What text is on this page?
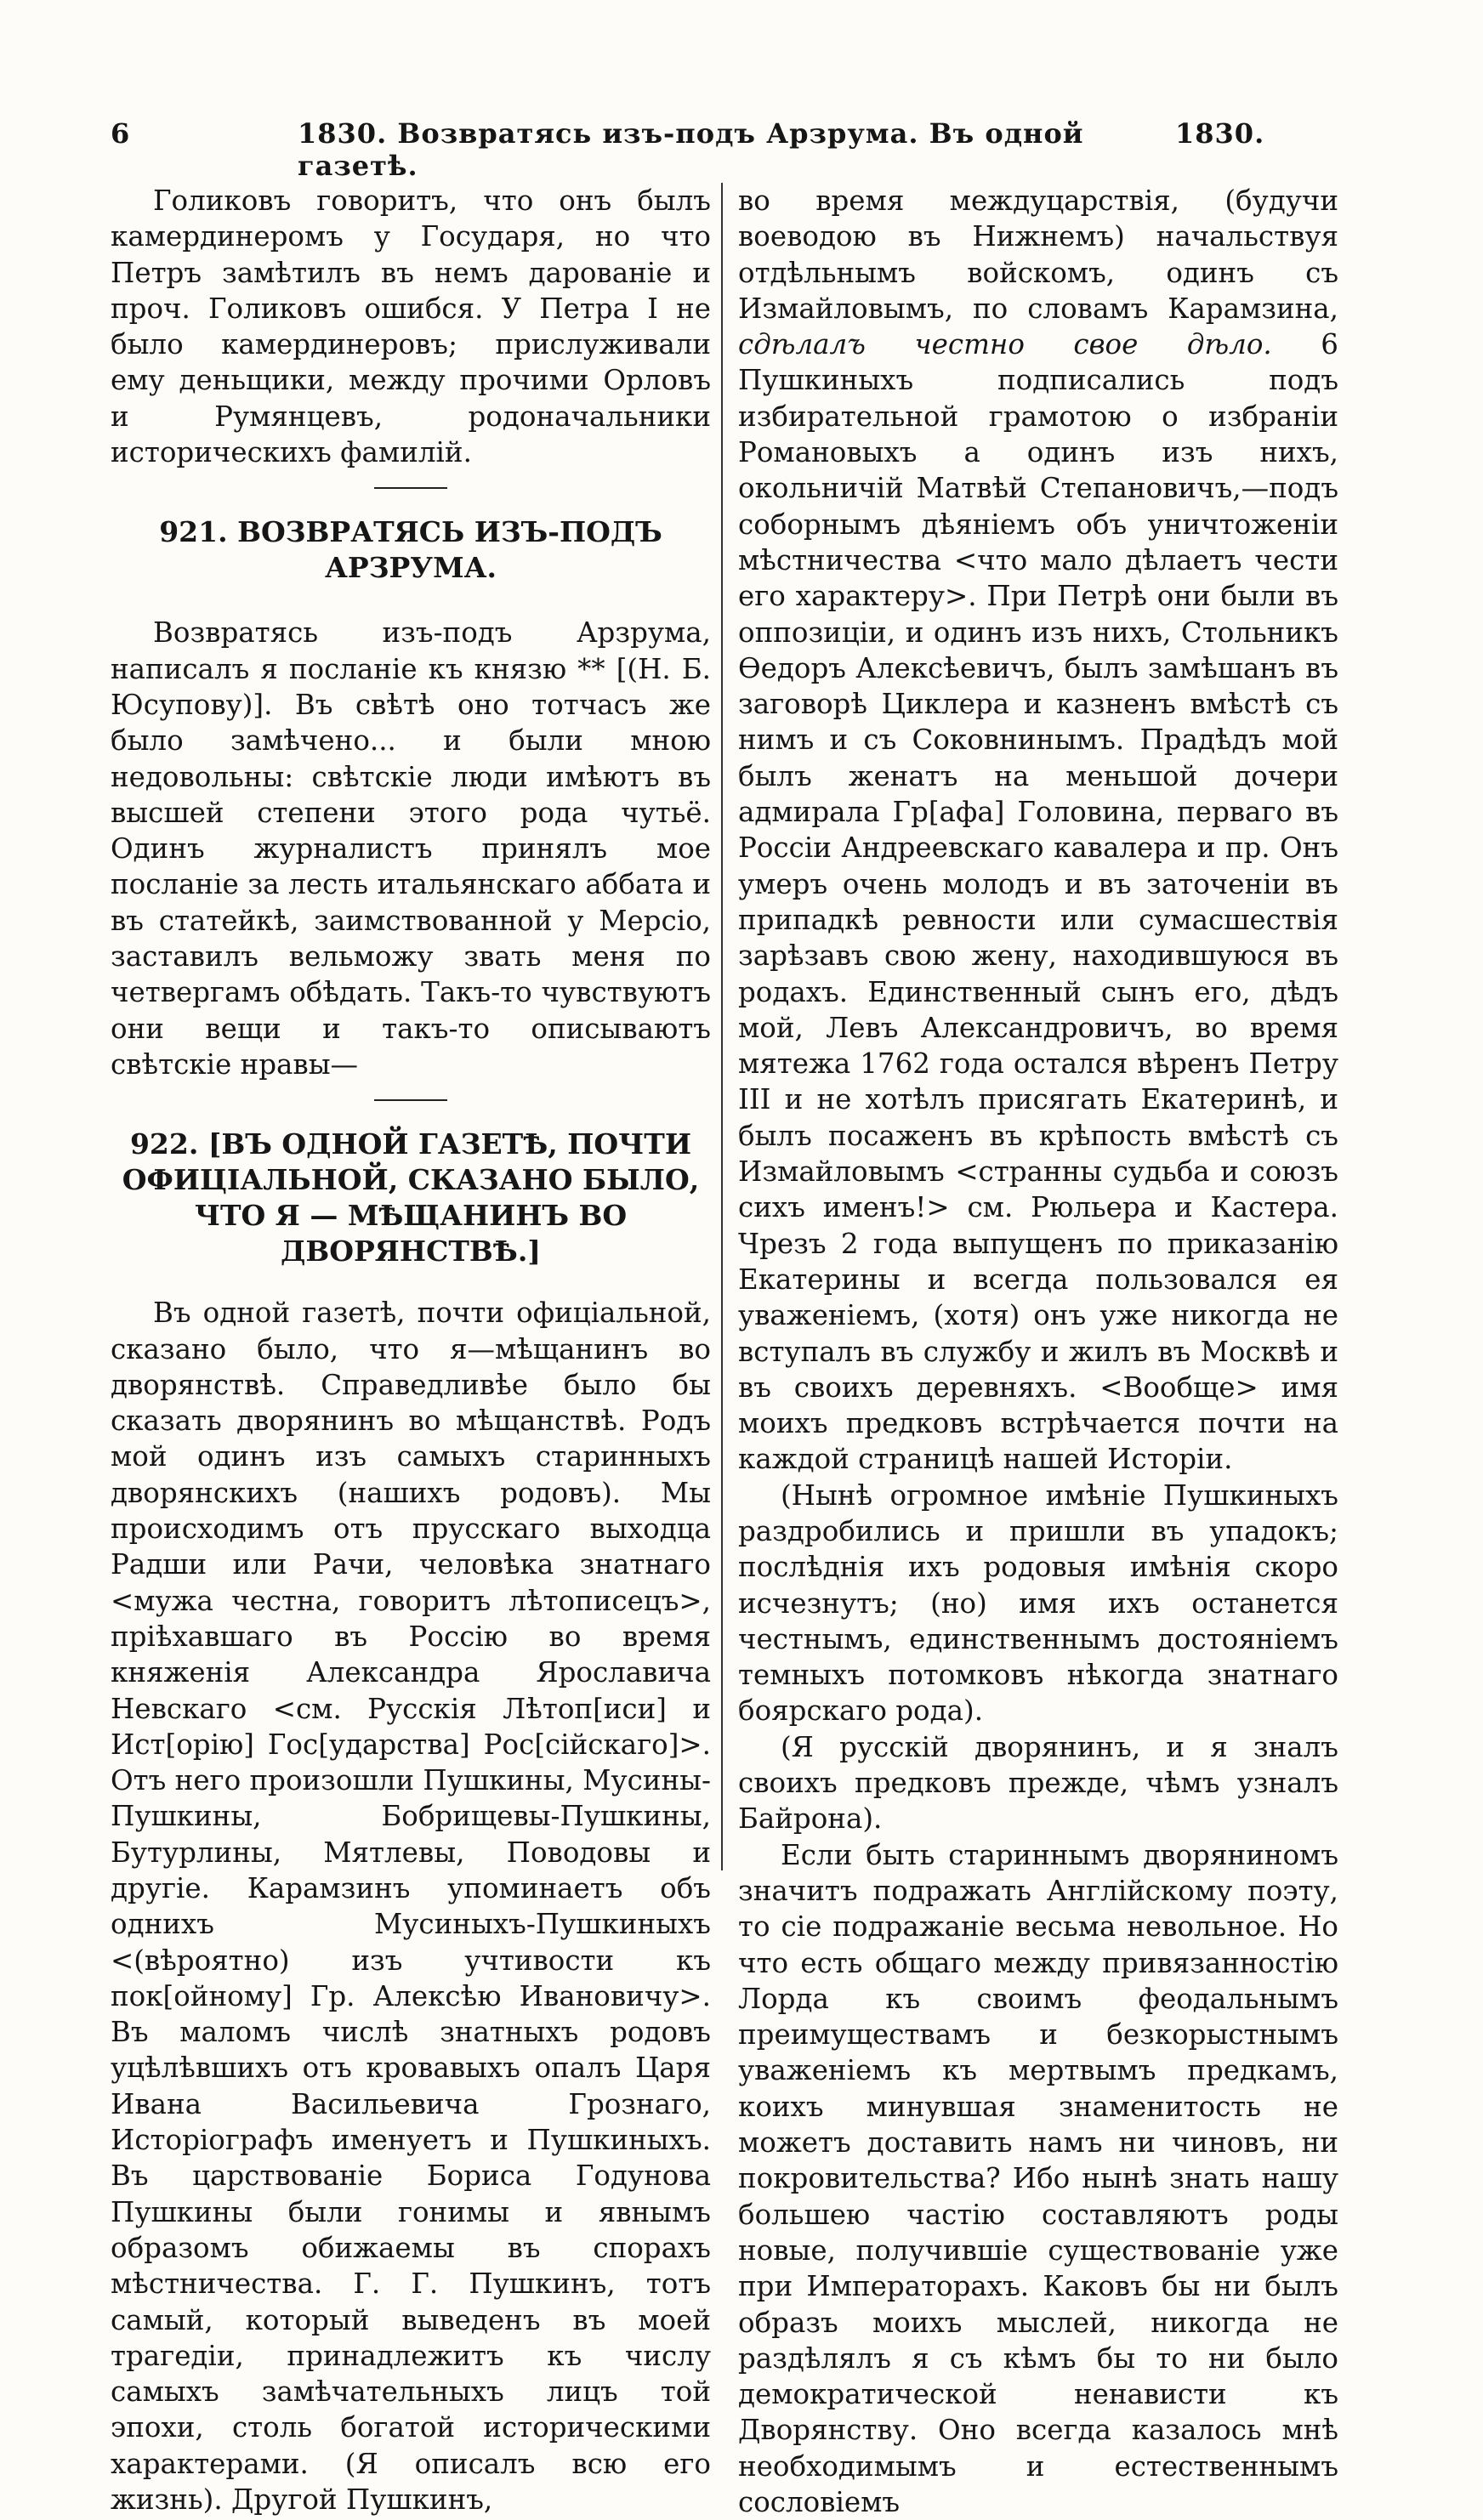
6	1830. Возвратясь изъ-подъ Арзрума. Въ одной газетѣ.
1830.

Голиковъ говоритъ, что онъ былъ камердинеромъ у Государя, но что Петръ замѣтилъ въ немъ дарованіе и проч. Голиковъ ошибся. У Петра I не было камердинеровъ; прислуживали ему деньщики, между прочими Орловъ и Румянцевъ, родоначальники историческихъ фамилій.

921. ВОЗВРАТЯСЬ ИЗЪ-ПОДЪ АРЗРУМА.

Возвратясь изъ-подъ Арзрума, написалъ я посланіе къ князю ** [(Н. Б. Юсупову)]. Въ свѣтѣ оно тотчасъ же было замѣчено... и были мною недовольны: свѣтскіе люди имѣютъ въ высшей степени этого рода чутьё. Одинъ журналистъ принялъ мое посланіе за лесть итальянскаго аббата и въ статейкѣ, заимствованной у Мерсіо, заставилъ вельможу звать меня по четвергамъ обѣдать. Такъ-то чувствуютъ они вещи и такъ-то описываютъ свѣтскіе нравы—

922. [ВЪ ОДНОЙ ГАЗЕТѢ, ПОЧТИ ОФИЦІАЛЬНОЙ, СКАЗАНО БЫЛО, ЧТО Я — МѢЩАНИНЪ ВО ДВОРЯНСТВѢ.]

Въ одной газетѣ, почти офиціальной, сказано было, что я—мѣщанинъ во дворянствѣ. Справедливѣе было бы сказать дворянинъ во мѣщанствѣ. Родъ мой одинъ изъ самыхъ старинныхъ дворянскихъ (нашихъ родовъ). Мы происходимъ отъ прусскаго выходца Радши или Рачи, человѣка знатнаго <мужа честна, говоритъ лѣтописецъ>, пріѣхавшаго въ Россію во время княженія Александра Ярославича Невскаго <см. Русскія Лѣтоп[иси] и Ист[орію] Гос[ударства] Рос[сійскаго]>. Отъ него произошли Пушкины, Мусины-Пушкины, Бобрищевы-Пушкины, Бутурлины, Мятлевы, Поводовы и другіе. Карамзинъ упоминаетъ объ однихъ Мусиныхъ-Пушкиныхъ <(вѣроятно) изъ учтивости къ пок[ойному] Гр. Алексѣю Ивановичу>. Въ маломъ числѣ знатныхъ родовъ уцѣлѣвшихъ отъ кровавыхъ опалъ Царя Ивана Васильевича Грознаго, Исторіографъ именуетъ и Пушкиныхъ. Въ царствованіе Бориса Годунова Пушкины были гонимы и явнымъ образомъ обижаемы въ спорахъ мѣстничества. Г. Г. Пушкинъ, тотъ самый, который выведенъ въ моей трагедіи, принадлежитъ къ числу самыхъ замѣчательныхъ лицъ той эпохи, столь богатой историческими характерами. (Я описалъ всю его жизнь). Другой Пушкинъ,

во время междуцарствія, (будучи воеводою въ Нижнемъ) начальствуя отдѣльнымъ войскомъ, одинъ съ Измайловымъ, по словамъ Карамзина, сдѣлалъ честно свое дѣло. 6 Пушкиныхъ подписались подъ избирательной грамотою о избраніи Романовыхъ а одинъ изъ нихъ, окольничій Матвѣй Степановичъ,—подъ соборнымъ дѣяніемъ объ уничтоженіи мѣстничества <что мало дѣлаетъ чести его характеру>. При Петрѣ они были въ оппозиціи, и одинъ изъ нихъ, Стольникъ Ѳедоръ Алексѣевичъ, былъ замѣшанъ въ заговорѣ Циклера и казненъ вмѣстѣ съ нимъ и съ Соковнинымъ. Прадѣдъ мой былъ женатъ на меньшой дочери адмирала Гр[афа] Головина, перваго въ Россіи Андреевскаго кавалера и пр. Онъ умеръ очень молодъ и въ заточеніи въ припадкѣ ревности или сумасшествія зарѣзавъ свою жену, находившуюся въ родахъ. Единственный сынъ его, дѣдъ мой, Левъ Александровичъ, во время мятежа 1762 года остался вѣренъ Петру III и не хотѣлъ присягать Екатеринѣ, и былъ посаженъ въ крѣпость вмѣстѣ съ Измайловымъ <странны судьба и союзъ сихъ именъ!> см. Рюльера и Кастера. Чрезъ 2 года выпущенъ по приказанію Екатерины и всегда пользовался ея уваженіемъ, (хотя) онъ уже никогда не вступалъ въ службу и жилъ въ Москвѣ и въ своихъ деревняхъ. <Вообще> имя моихъ предковъ встрѣчается почти на каждой страницѣ нашей Исторіи.

(Нынѣ огромное имѣніе Пушкиныхъ раздробились и пришли въ упадокъ; послѣднія ихъ родовыя имѣнія скоро исчезнутъ; (но) имя ихъ останется честнымъ, единственнымъ достояніемъ темныхъ потомковъ нѣкогда знатнаго боярскаго рода).

(Я русскій дворянинъ, и я зналъ своихъ предковъ прежде, чѣмъ узналъ Байрона).

Если быть стариннымъ дворяниномъ значитъ подражать Англійскому поэту, то сіе подражаніе весьма невольное. Но что есть общаго между привязанностію Лорда къ своимъ феодальнымъ преимуществамъ и безкорыстнымъ уваженіемъ къ мертвымъ предкамъ, коихъ минувшая знаменитость не можетъ доставить намъ ни чиновъ, ни покровительства? Ибо нынѣ знать нашу большею частію составляютъ роды новые, получившіе существованіе уже при Императорахъ. Каковъ бы ни былъ образъ моихъ мыслей, никогда не раздѣлялъ я съ кѣмъ бы то ни было демократической ненависти къ Дворянству. Оно всегда казалось мнѣ необходимымъ и естественнымъ сословіемъ
